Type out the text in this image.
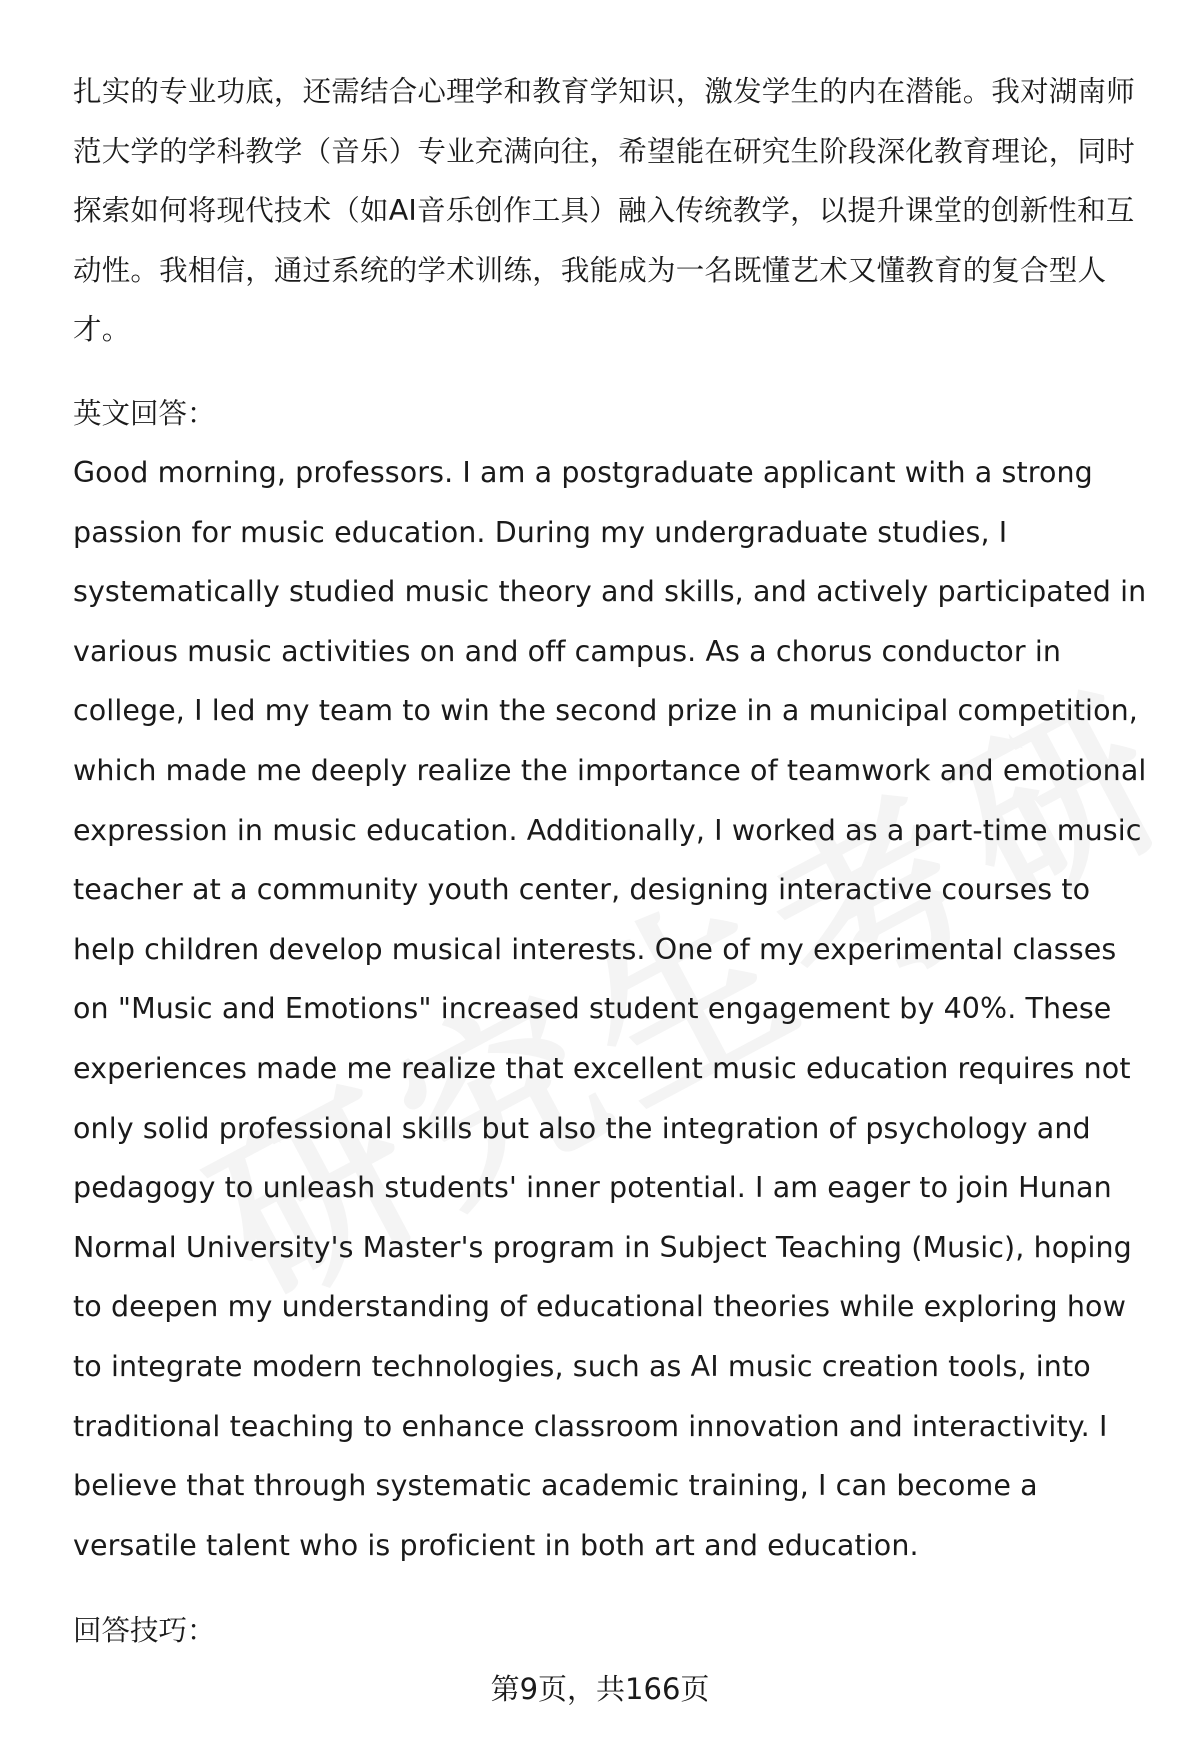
扎实的专业功底，还需结合心理学和教育学知识，激发学生的内在潜能。我对湖南师范大学的学科教学（音乐）专业充满向往，希望能在研究生阶段深化教育理论，同时探索如何将现代技术（如AI音乐创作工具）融入传统教学，以提升课堂的创新性和互动性。我相信，通过系统的学术训练，我能成为一名既懂艺术又懂教育的复合型人才。

英文回答：

Good morning, professors. I am a postgraduate applicant with a strong passion for music education. During my undergraduate studies, I systematically studied music theory and skills, and actively participated in various music activities on and off campus. As a chorus conductor in college, I led my team to win the second prize in a municipal competition, which made me deeply realize the importance of teamwork and emotional expression in music education. Additionally, I worked as a part-time music teacher at a community youth center, designing interactive courses to help children develop musical interests. One of my experimental classes on "Music and Emotions" increased student engagement by 40%. These experiences made me realize that excellent music education requires not only solid professional skills but also the integration of psychology and pedagogy to unleash students' inner potential. I am eager to join Hunan Normal University's Master's program in Subject Teaching (Music), hoping to deepen my understanding of educational theories while exploring how to integrate modern technologies, such as AI music creation tools, into traditional teaching to enhance classroom innovation and interactivity. I believe that through systematic academic training, I can become a versatile talent who is proficient in both art and education.

回答技巧：

第9页，共166页
